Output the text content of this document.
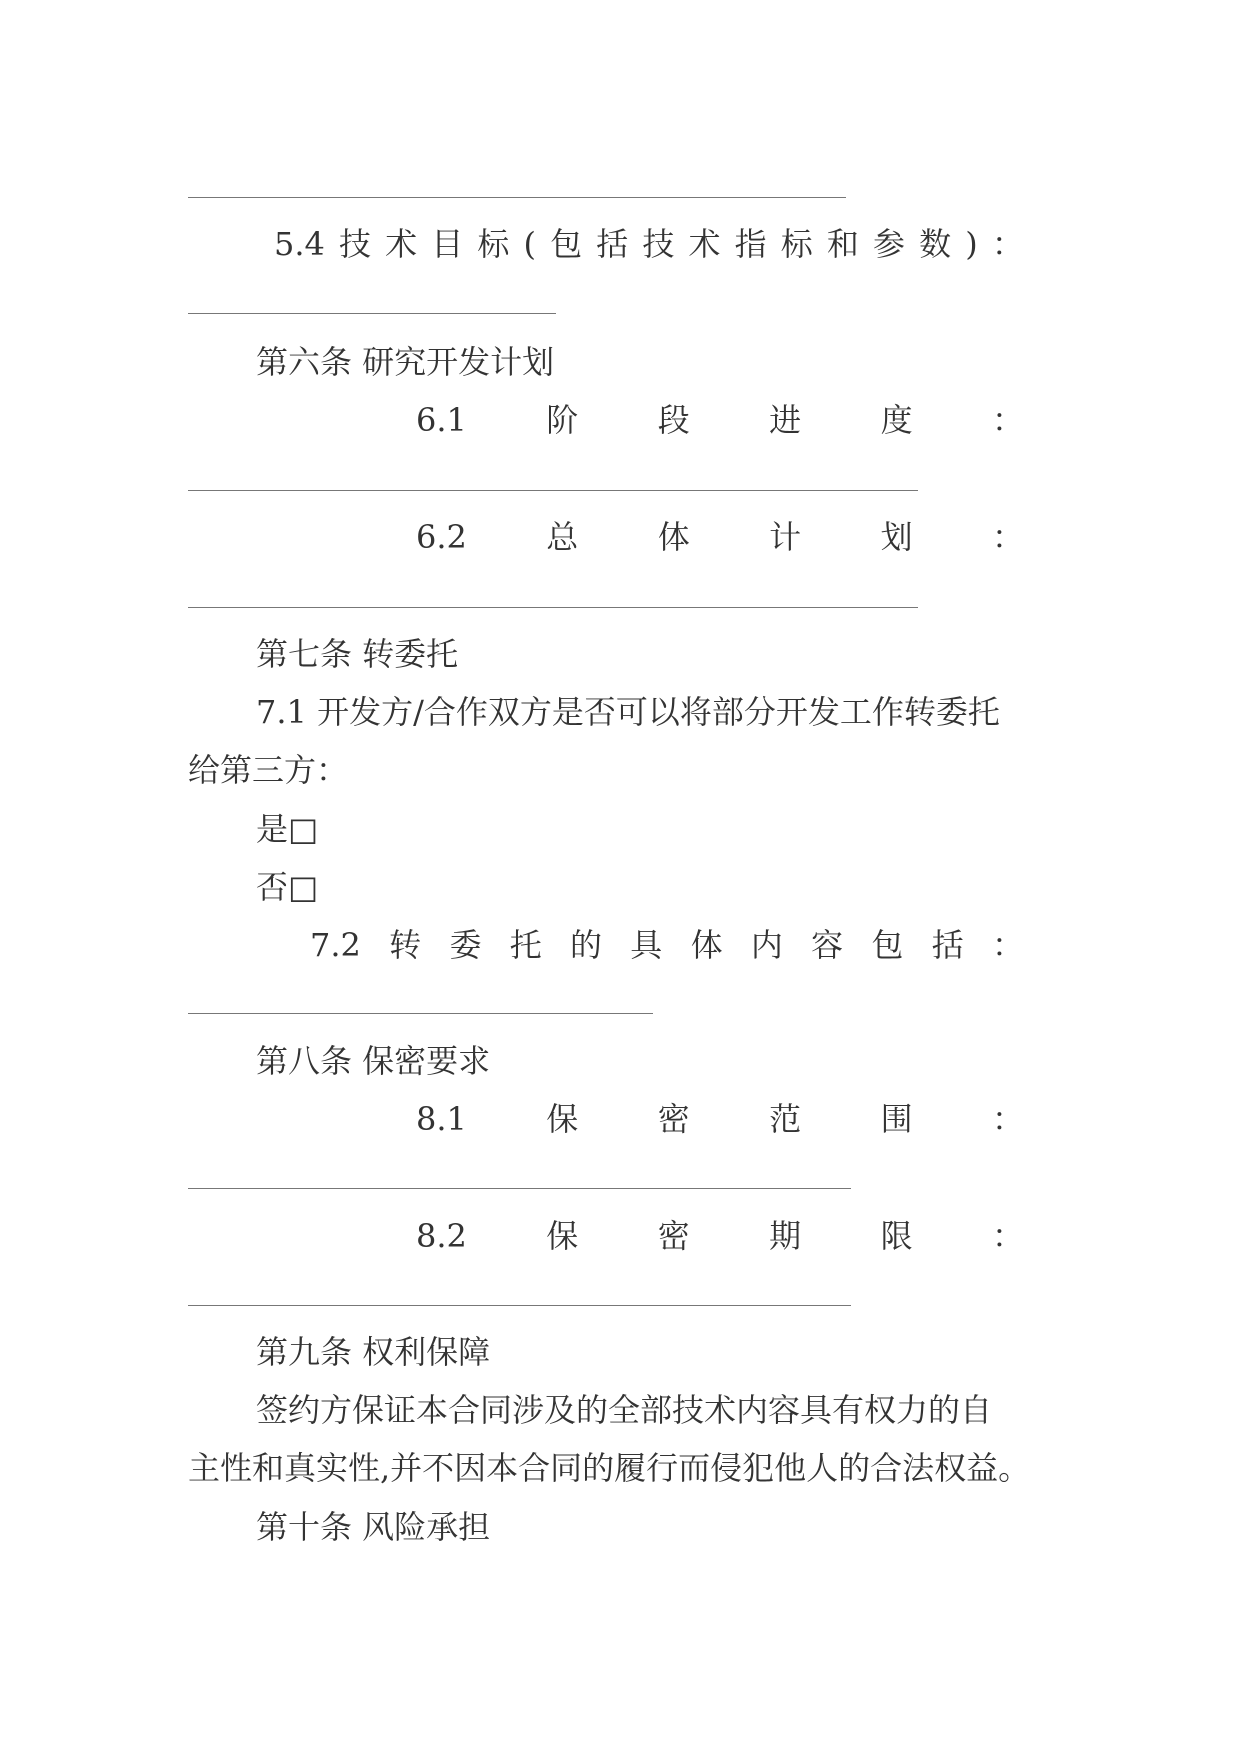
5.4 技 术 目 标 ( 包 括 技 术 指 标 和 参 数 ) ：
第六条 研究开发计划
6.1 阶 段 进 度 ：
6.2 总 体 计 划 ：
第七条 转委托
7.1 开发方/合作双方是否可以将部分开发工作转委托
给第三方：
是□
否□
7.2 转 委 托 的 具 体 内 容 包 括 ：
第八条 保密要求
8.1 保 密 范 围 ：
8.2 保 密 期 限 ：
第九条 权利保障
签约方保证本合同涉及的全部技术内容具有权力的自
主性和真实性,并不因本合同的履行而侵犯他人的合法权益。
第十条 风险承担
